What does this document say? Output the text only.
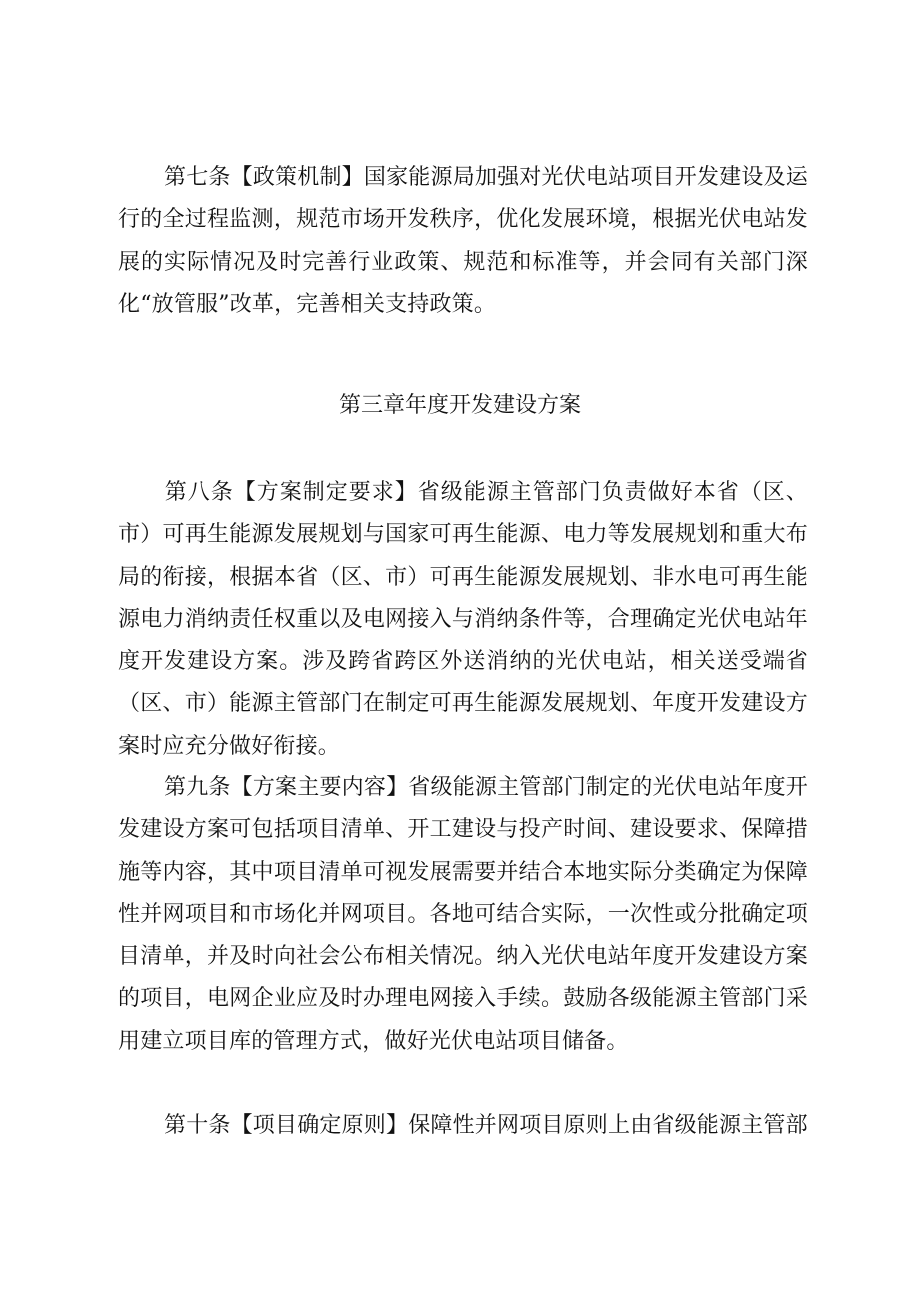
第七条【政策机制】国家能源局加强对光伏电站项目开发建设及运行的全过程监测，规范市场开发秩序，优化发展环境，根据光伏电站发展的实际情况及时完善行业政策、规范和标准等，并会同有关部门深化“放管服”改革，完善相关支持政策。

第三章年度开发建设方案

第八条【方案制定要求】省级能源主管部门负责做好本省（区、市）可再生能源发展规划与国家可再生能源、电力等发展规划和重大布局的衔接，根据本省（区、市）可再生能源发展规划、非水电可再生能源电力消纳责任权重以及电网接入与消纳条件等，合理确定光伏电站年度开发建设方案。涉及跨省跨区外送消纳的光伏电站，相关送受端省（区、市）能源主管部门在制定可再生能源发展规划、年度开发建设方案时应充分做好衔接。

第九条【方案主要内容】省级能源主管部门制定的光伏电站年度开发建设方案可包括项目清单、开工建设与投产时间、建设要求、保障措施等内容，其中项目清单可视发展需要并结合本地实际分类确定为保障性并网项目和市场化并网项目。各地可结合实际，一次性或分批确定项目清单，并及时向社会公布相关情况。纳入光伏电站年度开发建设方案的项目，电网企业应及时办理电网接入手续。鼓励各级能源主管部门采用建立项目库的管理方式，做好光伏电站项目储备。

第十条【项目确定原则】保障性并网项目原则上由省级能源主管部
